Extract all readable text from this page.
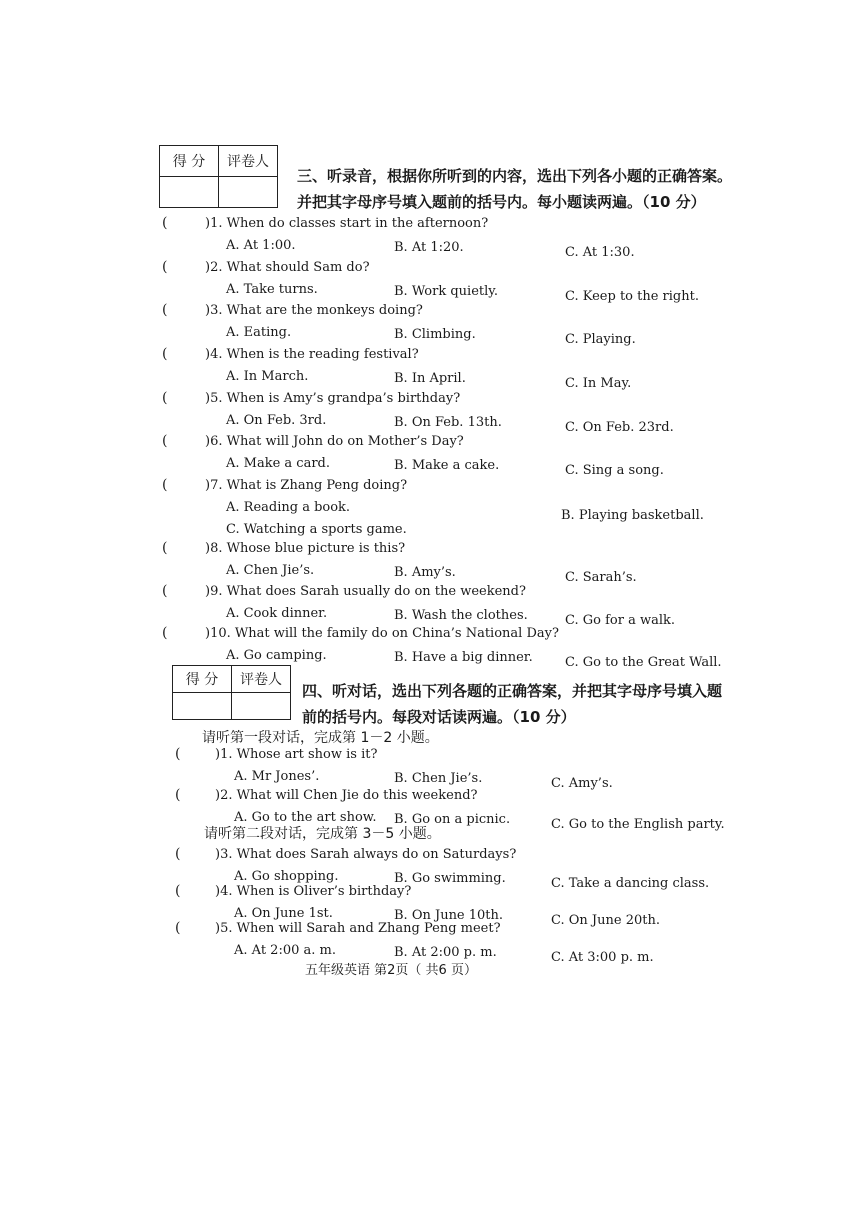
得 分	评卷人

三、听录音，根据你所听到的内容，选出下列各小题的正确答案。并把其字母序号填入题前的括号内。每小题读两遍。（10 分）
(	)1. When do classes start in the afternoon?
A. At 1:00.	B. At 1:20.	C. At 1:30.
(	)2. What should Sam do?
A. Take turns.	B. Work quietly.	C. Keep to the right.
(	)3. What are the monkeys doing?
A. Eating.	B. Climbing.	C. Playing.
(	)4. When is the reading festival?
A. In March.	B. In April.	C. In May.
(	)5. When is Amy’s grandpa’s birthday?
A. On Feb. 3rd.	B. On Feb. 13th.	C. On Feb. 23rd.
(	)6. What will John do on Mother’s Day?
A. Make a card.	B. Make a cake.	C. Sing a song.
(	)7. What is Zhang Peng doing?
A. Reading a book.
B. Playing basketball.
C. Watching a sports game.
(	)8. Whose blue picture is this?
A. Chen Jie’s.	B. Amy’s.	C. Sarah’s.
(	)9. What does Sarah usually do on the weekend?
A. Cook dinner.	B. Wash the clothes.	C. Go for a walk.
(	)10. What will the family do on China’s National Day?
A. Go camping.	B. Have a big dinner. C. Go to the Great Wall.
得 分	评卷人

四、听对话，选出下列各题的正确答案，并把其字母序号填入题前的括号内。每段对话读两遍。（10 分）
请听第一段对话，完成第 1－2 小题。
请听第二段对话，完成第 3－5 小题。
(	)1. Whose art show is it?
A. Mr Jones’.	B. Chen Jie’s.	C. Amy’s.
(	)2. What will Chen Jie do this weekend?
A. Go to the art show. B. Go on a picnic.	C. Go to the English party.
(	)3. What does Sarah always do on Saturdays?
A. Go shopping.	B. Go swimming.	C. Take a dancing class.
(	)4. When is Oliver’s birthday?
A. On June 1st.	B. On June 10th.	C. On June 20th.
(	)5. When will Sarah and Zhang Peng meet?
A. At 2:00 a. m.	B. At 2:00 p. m.	C. At 3:00 p. m.
五年级英语 第2页（ 共6 页）
